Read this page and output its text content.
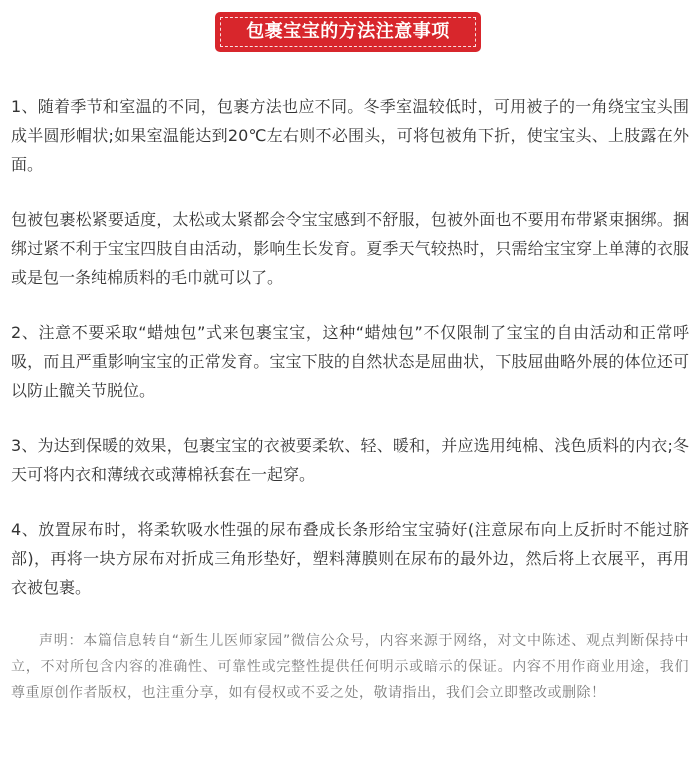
包裹宝宝的方法注意事项

1、随着季节和室温的不同，包裹方法也应不同。冬季室温较低时，可用被子的一角绕宝宝头围成半圆形帽状;如果室温能达到20℃左右则不必围头，可将包被角下折，使宝宝头、上肢露在外面。

包被包裹松紧要适度，太松或太紧都会令宝宝感到不舒服，包被外面也不要用布带紧束捆绑。捆绑过紧不利于宝宝四肢自由活动，影响生长发育。夏季天气较热时，只需给宝宝穿上单薄的衣服或是包一条纯棉质料的毛巾就可以了。

2、注意不要采取“蜡烛包”式来包裹宝宝，这种“蜡烛包”不仅限制了宝宝的自由活动和正常呼吸，而且严重影响宝宝的正常发育。宝宝下肢的自然状态是屈曲状，下肢屈曲略外展的体位还可以防止髋关节脱位。

3、为达到保暖的效果，包裹宝宝的衣被要柔软、轻、暖和，并应选用纯棉、浅色质料的内衣;冬天可将内衣和薄绒衣或薄棉袄套在一起穿。

4、放置尿布时，将柔软吸水性强的尿布叠成长条形给宝宝骑好(注意尿布向上反折时不能过脐部)，再将一块方尿布对折成三角形垫好，塑料薄膜则在尿布的最外边，然后将上衣展平，再用衣被包裹。

声明：本篇信息转自“新生儿医师家园”微信公众号，内容来源于网络，对文中陈述、观点判断保持中立，不对所包含内容的准确性、可靠性或完整性提供任何明示或暗示的保证。内容不用作商业用途，我们尊重原创作者版权，也注重分享，如有侵权或不妥之处，敬请指出，我们会立即整改或删除！
